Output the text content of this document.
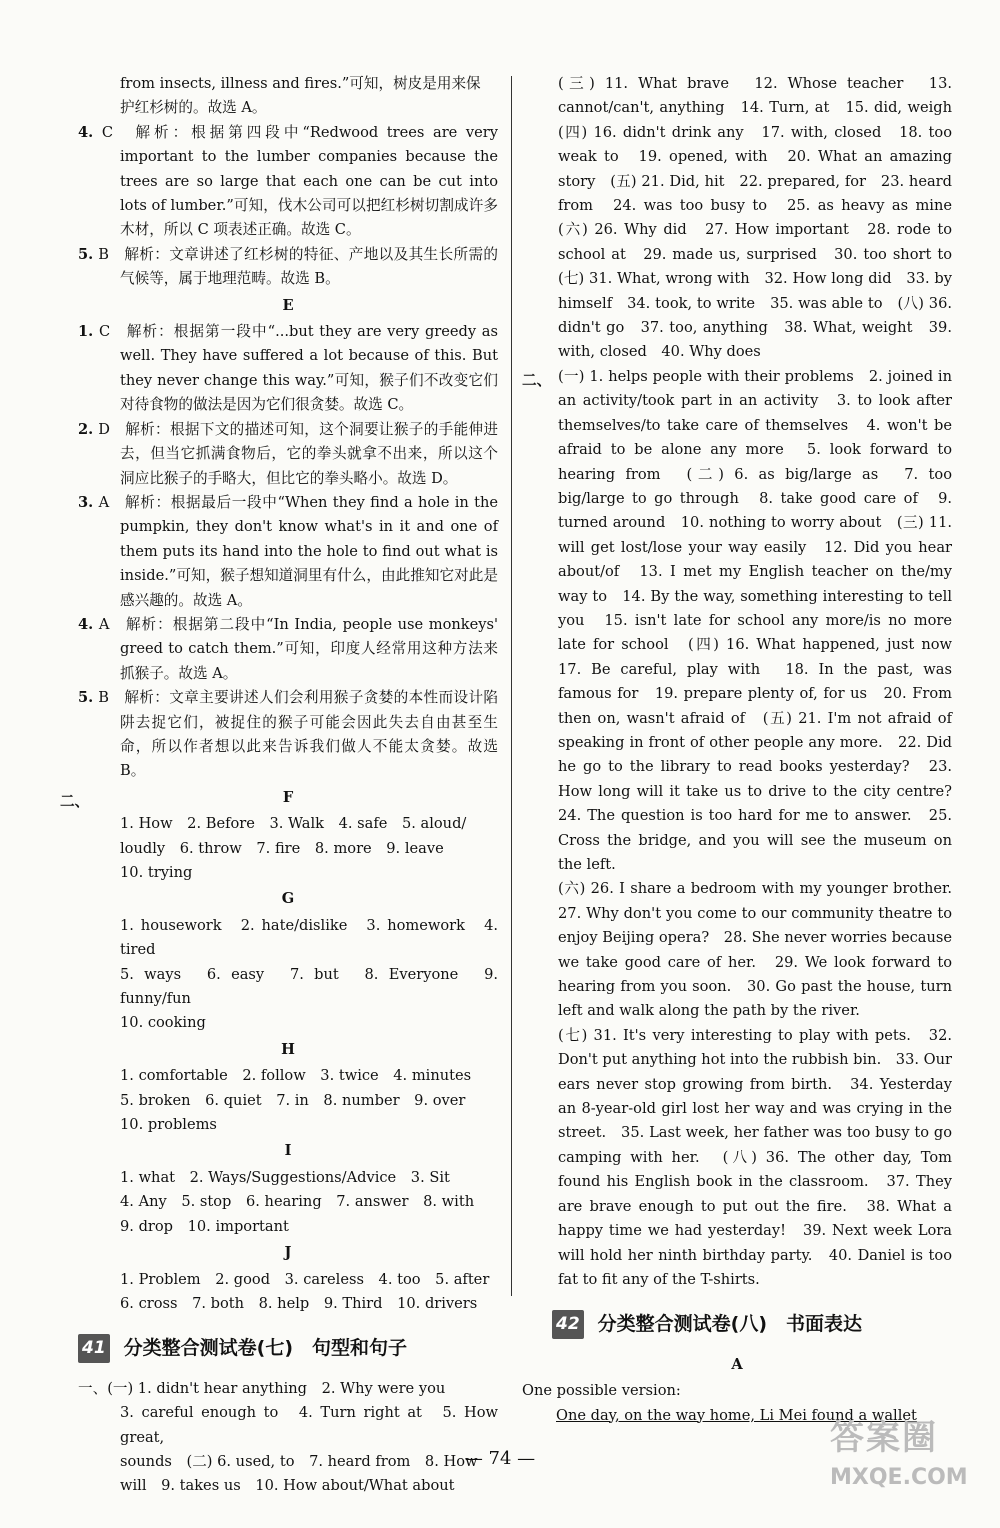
from insects, illness and fires.”可知，树皮是用来保

护红杉树的。故选 A。

4. C　解析：根据第四段中“Redwood trees are very important to the lumber companies because the trees are so large that each one can be cut into lots of lumber.”可知，伐木公司可以把红杉树切割成许多木材，所以 C 项表述正确。故选 C。

5. B　解析：文章讲述了红杉树的特征、产地以及其生长所需的气候等，属于地理范畴。故选 B。

E

1. C　解析：根据第一段中“...but they are very greedy as well. They have suffered a lot because of this. But they never change this way.”可知，猴子们不改变它们对待食物的做法是因为它们很贪婪。故选 C。

2. D　解析：根据下文的描述可知，这个洞要让猴子的手能伸进去，但当它抓满食物后，它的拳头就拿不出来，所以这个洞应比猴子的手略大，但比它的拳头略小。故选 D。

3. A　解析：根据最后一段中“When they find a hole in the pumpkin, they don't know what's in it and one of them puts its hand into the hole to find out what is inside.”可知，猴子想知道洞里有什么，由此推知它对此是感兴趣的。故选 A。

4. A　解析：根据第二段中“In India, people use monkeys' greed to catch them.”可知，印度人经常用这种方法来抓猴子。故选 A。

5. B　解析：文章主要讲述人们会利用猴子贪婪的本性而设计陷阱去捉它们，被捉住的猴子可能会因此失去自由甚至生命，所以作者想以此来告诉我们做人不能太贪婪。故选 B。

二、	F

1. How　2. Before　3. Walk　4. safe　5. aloud/

loudly　6. throw　7. fire　8. more　9. leave

10. trying

G

1. housework　2. hate/dislike　3. homework　4. tired

5. ways　6. easy　7. but　8. Everyone　9. funny/fun

10. cooking

H

1. comfortable　2. follow　3. twice　4. minutes

5. broken　6. quiet　7. in　8. number　9. over

10. problems

I

1. what　2. Ways/Suggestions/Advice　3. Sit

4. Any　5. stop　6. hearing　7. answer　8. with

9. drop　10. important

J

1. Problem　2. good　3. careless　4. too　5. after

6. cross　7. both　8. help　9. Third　10. drivers

41 分类整合测试卷(七)　句型和句子

一、(一) 1. didn't hear anything　2. Why were you

3. careful enough to　4. Turn right at　5. How great,

sounds　(二) 6. used, to　7. heard from　8. How

will　9. takes us　10. How about/What about

(三) 11. What brave　12. Whose teacher　13. cannot/can't, anything　14. Turn, at　15. did, weigh　(四) 16. didn't drink any　17. with, closed　18. too weak to　19. opened, with　20. What an amazing story　(五) 21. Did, hit　22. prepared, for　23. heard from　24. was too busy to　25. as heavy as mine　(六) 26. Why did　27. How important　28. rode to school at　29. made us, surprised　30. too short to　(七) 31. What, wrong with　32. How long did　33. by himself　34. took, to write　35. was able to　(八) 36. didn't go　37. too, anything　38. What, weight　39. with, closed　40. Why does

二、 (一) 1. helps people with their problems　2. joined in an activity/took part in an activity　3. to look after themselves/to take care of themselves　4. won't be afraid to be alone any more　5. look forward to hearing from　(二) 6. as big/large as　7. too big/large to go through　8. take good care of　9. turned around　10. nothing to worry about　(三) 11. will get lost/lose your way easily　12. Did you hear about/of　13. I met my English teacher on the/my way to　14. By the way, something interesting to tell you　15. isn't late for school any more/is no more late for school　(四) 16. What happened, just now　17. Be careful, play with　18. In the past, was famous for　19. prepare plenty of, for us　20. From then on, wasn't afraid of　(五) 21. I'm not afraid of speaking in front of other people any more.　22. Did he go to the library to read books yesterday?　23. How long will it take us to drive to the city centre?　24. The question is too hard for me to answer.　25. Cross the bridge, and you will see the museum on the left.

(六) 26. I share a bedroom with my younger brother.　27. Why don't you come to our community theatre to enjoy Beijing opera?　28. She never worries because we take good care of her.　29. We look forward to hearing from you soon.　30. Go past the house, turn left and walk along the path by the river.

(七) 31. It's very interesting to play with pets.　32. Don't put anything hot into the rubbish bin.　33. Our ears never stop growing from birth.　34. Yesterday an 8-year-old girl lost her way and was crying in the street.　35. Last week, her father was too busy to go camping with her.　(八) 36. The other day, Tom found his English book in the classroom.　37. They are brave enough to put out the fire.　38. What a happy time we had yesterday!　39. Next week Lora will hold her ninth birthday party.　40. Daniel is too fat to fit any of the T-shirts.

42 分类整合测试卷(八)　书面表达
A

One possible version:

One day, on the way home, Li Mei found a wallet

— 74 —
答案圈
MXQE.COM
